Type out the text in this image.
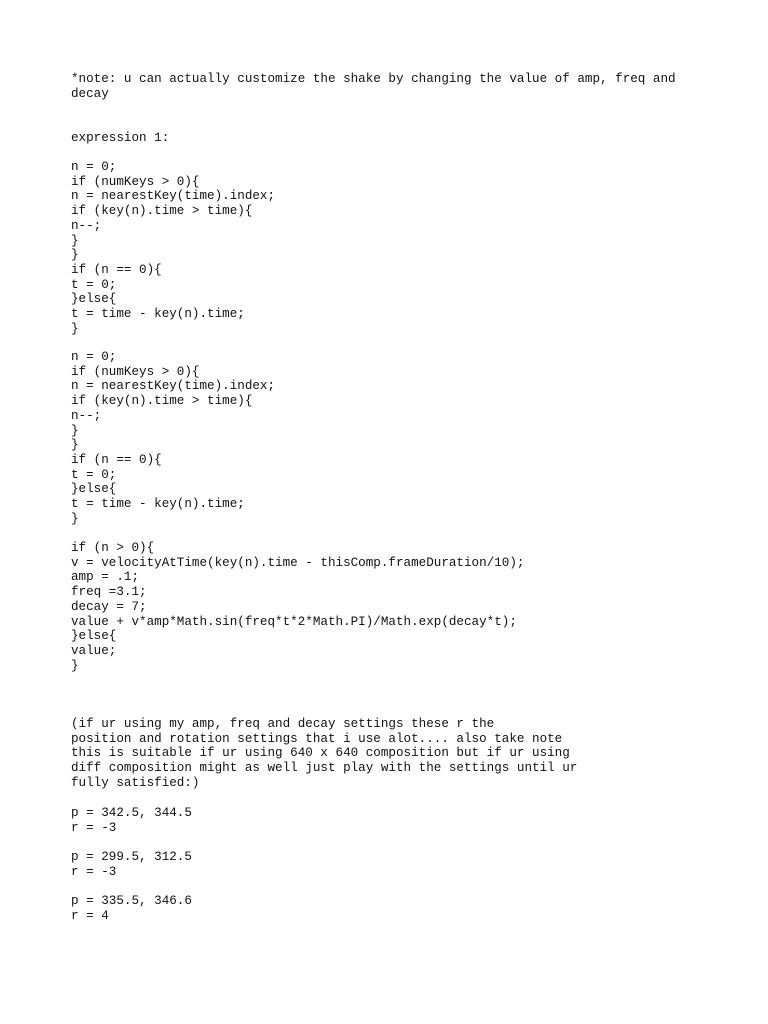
*note: u can actually customize the shake by changing the value of amp, freq and
decay
expression 1:
n = 0;
if (numKeys > 0){
n = nearestKey(time).index;
if (key(n).time > time){
n--;
}
}
if (n == 0){
t = 0;
}else{
t = time - key(n).time;
}
n = 0;
if (numKeys > 0){
n = nearestKey(time).index;
if (key(n).time > time){
n--;
}
}
if (n == 0){
t = 0;
}else{
t = time - key(n).time;
}
if (n > 0){
v = velocityAtTime(key(n).time - thisComp.frameDuration/10);
amp = .1;
freq =3.1;
decay = 7;
value + v*amp*Math.sin(freq*t*2*Math.PI)/Math.exp(decay*t);
}else{
value;
}
(if ur using my amp, freq and decay settings these r the
position and rotation settings that i use alot.... also take note
this is suitable if ur using 640 x 640 composition but if ur using
diff composition might as well just play with the settings until ur
fully satisfied:)
p = 342.5, 344.5
r = -3
p = 299.5, 312.5
r = -3
p = 335.5, 346.6
r = 4
